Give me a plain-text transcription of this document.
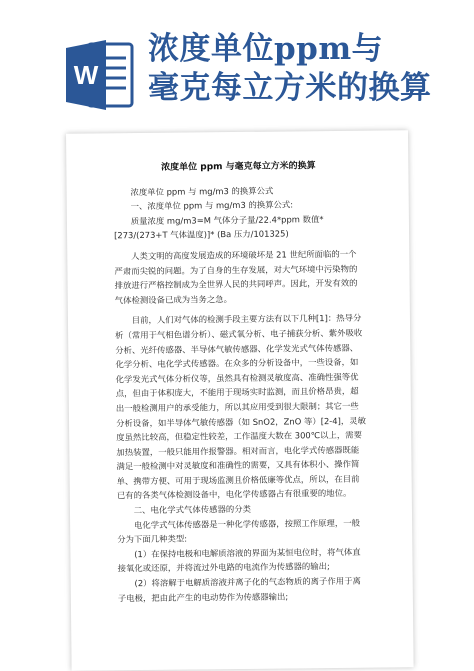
W
浓度单位ppm与
毫克每立方米的换算
浓度单位 ppm 与毫克每立方米的换算

浓度单位 ppm 与 mg/m3 的换算公式

一、浓度单位 ppm 与 mg/m3 的换算公式:

质量浓度 mg/m3=M 气体分子量/22.4*ppm 数值*[273/(273+T 气体温度)]* (Ba 压力/101325)

人类文明的高度发展造成的环境破坏是 21 世纪所面临的一个严肃而尖锐的问题。为了自身的生存发展，对大气环境中污染物的排放进行严格控制成为全世界人民的共同呼声。因此，开发有效的气体检测设备已成为当务之急。

目前，人们对气体的检测手段主要方法有以下几种[1]：热导分析（常用于气相色谱分析）、磁式氧分析、电子捕获分析、紫外吸收分析、光纤传感器、半导体气敏传感器、化学发光式气体传感器、化学分析、电化学式传感器。在众多的分析设备中，一些设备，如化学发光式气体分析仪等，虽然具有检测灵敏度高、准确性强等优点，但由于体积庞大，不能用于现场实时监测，而且价格昂贵，超出一般检测用户的承受能力，所以其应用受到很大限制；其它一些分析设备，如半导体气敏传感器（如 SnO2，ZnO 等）[2-4]，灵敏度虽然比较高，但稳定性较差，工作温度大数在 300℃以上，需要加热装置，一般只能用作报警器。相对而言，电化学式传感器既能满足一般检测中对灵敏度和准确性的需要，又具有体积小、操作简单、携带方便、可用于现场监测且价格低廉等优点，所以，在目前已有的各类气体检测设备中，电化学传感器占有很重要的地位。

二、电化学式气体传感器的分类

电化学式气体传感器是一种化学传感器，按照工作原理，一般分为下面几种类型:

(1）在保持电极和电解质溶液的界面为某恒电位时，将气体直接氧化或还原，并将流过外电路的电流作为传感器的输出;

(2）将溶解于电解质溶液并离子化的气态物质的离子作用于离子电极，把由此产生的电动势作为传感器输出;
